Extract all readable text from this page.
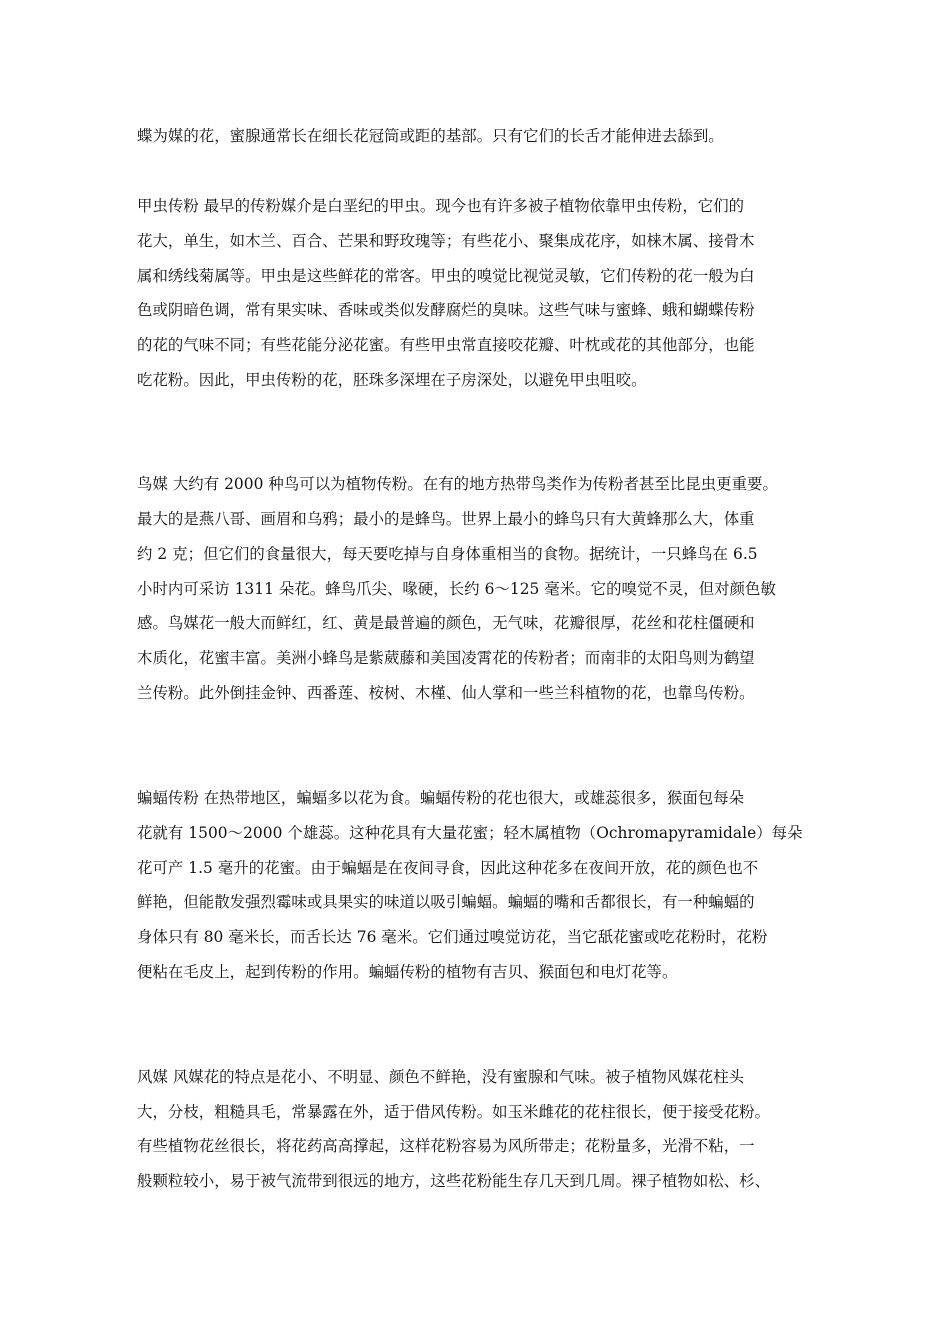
蝶为媒的花，蜜腺通常长在细长花冠筒或距的基部。只有它们的长舌才能伸进去舔到。
甲虫传粉 最早的传粉媒介是白垩纪的甲虫。现今也有许多被子植物依靠甲虫传粉，它们的
花大，单生，如木兰、百合、芒果和野玫瑰等；有些花小、聚集成花序，如梾木属、接骨木
属和绣线菊属等。甲虫是这些鲜花的常客。甲虫的嗅觉比视觉灵敏，它们传粉的花一般为白
色或阴暗色调，常有果实味、香味或类似发酵腐烂的臭味。这些气味与蜜蜂、蛾和蝴蝶传粉
的花的气味不同；有些花能分泌花蜜。有些甲虫常直接咬花瓣、叶枕或花的其他部分，也能
吃花粉。因此，甲虫传粉的花，胚珠多深埋在子房深处，以避免甲虫咀咬。
鸟媒 大约有 2000 种鸟可以为植物传粉。在有的地方热带鸟类作为传粉者甚至比昆虫更重要。
最大的是燕八哥、画眉和乌鸦；最小的是蜂鸟。世界上最小的蜂鸟只有大黄蜂那么大，体重
约 2 克；但它们的食量很大，每天要吃掉与自身体重相当的食物。据统计，一只蜂鸟在 6.5
小时内可采访 1311 朵花。蜂鸟爪尖、喙硬，长约 6～125 毫米。它的嗅觉不灵，但对颜色敏
感。鸟媒花一般大而鲜红，红、黄是最普遍的颜色，无气味，花瓣很厚，花丝和花柱僵硬和
木质化，花蜜丰富。美洲小蜂鸟是紫葳藤和美国凌霄花的传粉者；而南非的太阳鸟则为鹤望
兰传粉。此外倒挂金钟、西番莲、桉树、木槿、仙人掌和一些兰科植物的花，也靠鸟传粉。
蝙蝠传粉 在热带地区，蝙蝠多以花为食。蝙蝠传粉的花也很大，或雄蕊很多，猴面包每朵
花就有 1500～2000 个雄蕊。这种花具有大量花蜜；轻木属植物（Ochromapyramidale）每朵
花可产 1.5 毫升的花蜜。由于蝙蝠是在夜间寻食，因此这种花多在夜间开放，花的颜色也不
鲜艳，但能散发强烈霉味或具果实的味道以吸引蝙蝠。蝙蝠的嘴和舌都很长，有一种蝙蝠的
身体只有 80 毫米长，而舌长达 76 毫米。它们通过嗅觉访花，当它舐花蜜或吃花粉时，花粉
便粘在毛皮上，起到传粉的作用。蝙蝠传粉的植物有吉贝、猴面包和电灯花等。
风媒 风媒花的特点是花小、不明显、颜色不鲜艳，没有蜜腺和气味。被子植物风媒花柱头
大，分枝，粗糙具毛，常暴露在外，适于借风传粉。如玉米雌花的花柱很长，便于接受花粉。
有些植物花丝很长，将花药高高撑起，这样花粉容易为风所带走；花粉量多，光滑不粘，一
般颗粒较小，易于被气流带到很远的地方，这些花粉能生存几天到几周。裸子植物如松、杉、
